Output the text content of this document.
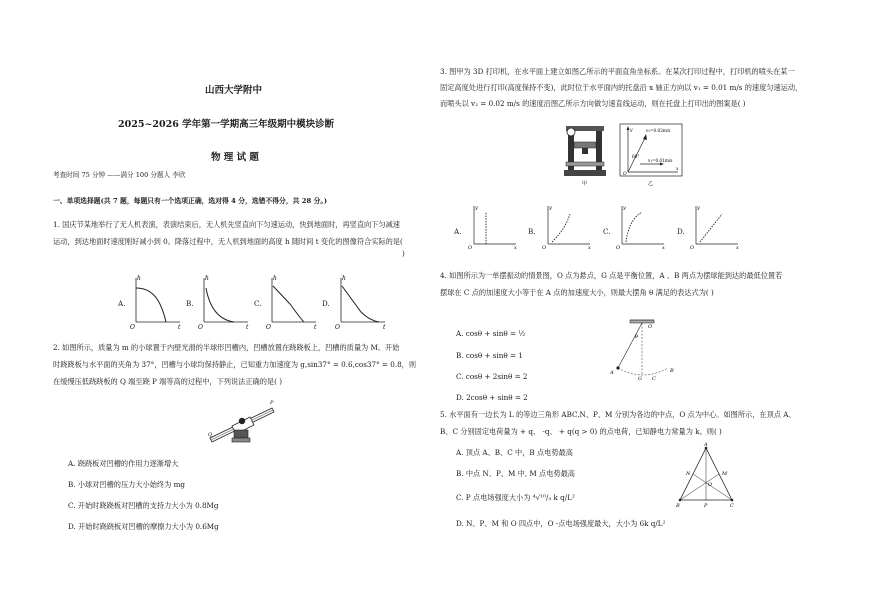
山西大学附中
2025~2026 学年第一学期高三年级期中模块诊断
物 理 试 题
考查时间 75 分钟 ——满分 100 分题人 李欣
一、单项选择题(共 7 题，每题只有一个选项正确，选对得 4 分，选错不得分，共 28 分。)
1. 国庆节某地举行了无人机表演，表演结束后，无人机先竖直向下匀速运动，快到地面时，再竖直向下匀减速
运动，到达地面时速度刚好减小到 0。降落过程中，无人机到地面的高度 h 随时间 t 变化的图像符合实际的是(
)
A.
h
O	t
B.
h
O	t
C.
h
O	t
D.
h
O	t
2. 如图所示，质量为 m 的小球置于内壁光滑的半球形凹槽内，凹槽放置在跷跷板上，凹槽的质量为 M。开始
时跷跷板与水平面的夹角为 37°，凹槽与小球均保持静止，已知重力加速度为 g,sin37° = 0.6,cos37° = 0.8，则
在缓慢压低跷跷板的 Q 端至跷 P 端等高的过程中，下列说法正确的是( )
P
Q
A. 跷跷板对凹槽的作用力逐渐增大
B. 小球对凹槽的压力大小始终为 mg
C. 开始时跷跷板对凹槽的支持力大小为 0.8Mg
D. 开始时跷跷板对凹槽的摩擦力大小为 0.6Mg
3. 图甲为 3D 打印机，在水平面上建立如图乙所示的平面直角坐标系。在某次打印过程中，打印机的喷头在某一
固定高度处进行打印(高度保持不变)，此时位于水平面内的托盘沿 x 轴正方向以 v₁ = 0.01 m/s 的速度匀速运动，
而喷头以 v₂ = 0.02 m/s 的速度沿图乙所示方向做匀速直线运动，则在托盘上打印出的图案是( )
甲
y
O
x
v₂=0.02m/s
v₁=0.01m/s
60°
乙
A.
y
O	x
B.
y
O	x
C.
y
O	x
D.
y
O	x
4. 如图所示为一单摆振动的情景图，O 点为悬点，G 点是平衡位置，A 、B 两点为摆球能到达的最低位置若
摆球在 C 点的加速度大小等于在 A 点的加速度大小，则最大摆角 θ 满足的表达式为( )
A. cosθ + sinθ = ½
B. cosθ + sinθ = 1
C. cosθ + 2sinθ = 2
D. 2cosθ + sinθ = 2
O
θ
A
G C
B
5. 水平面有一边长为 L 的等边三角形 ABC,N、P、M 分别为各边的中点，O 点为中心。如图所示，在顶点 A、
B、C 分别固定电荷量为 + q、 -q、 + q(q > 0) 的点电荷，已知静电力常量为 k。则( )
A. 顶点 A、B、C 中，B 点电势最高
B. 中点 N、P、M 中, M 点电势最高
C. P 点电场强度大小为 ⁴√¹⁰/₃ k q/L²
D. N、P、M 和 O 四点中，O -点电场强度最大，大小为 6k q/L²
A
B	C
N	M
O
P
